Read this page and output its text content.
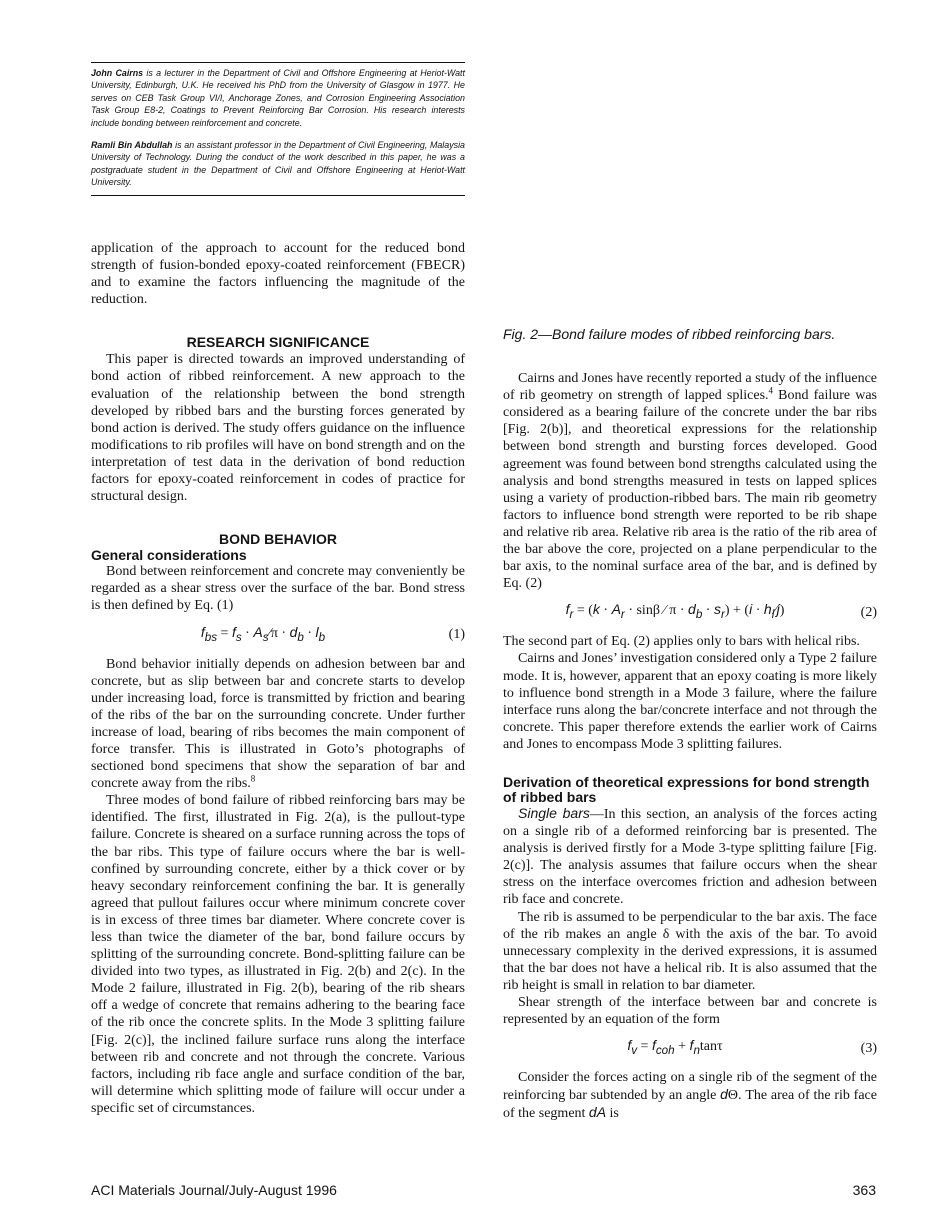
John Cairns is a lecturer in the Department of Civil and Offshore Engineering at Heriot-Watt University, Edinburgh, U.K. He received his PhD from the University of Glasgow in 1977. He serves on CEB Task Group VI/I, Anchorage Zones, and Corrosion Engineering Association Task Group E8-2, Coatings to Prevent Reinforcing Bar Corrosion. His research interests include bonding between reinforcement and concrete.

Ramli Bin Abdullah is an assistant professor in the Department of Civil Engineering, Malaysia University of Technology. During the conduct of the work described in this paper, he was a postgraduate student in the Department of Civil and Offshore Engineering at Heriot-Watt University.

application of the approach to account for the reduced bond strength of fusion-bonded epoxy-coated reinforcement (FBECR) and to examine the factors influencing the magnitude of the reduction.

RESEARCH SIGNIFICANCE

This paper is directed towards an improved understanding of bond action of ribbed reinforcement. A new approach to the evaluation of the relationship between the bond strength developed by ribbed bars and the bursting forces generated by bond action is derived. The study offers guidance on the influence modifications to rib profiles will have on bond strength and on the interpretation of test data in the derivation of bond reduction factors for epoxy-coated reinforcement in codes of practice for structural design.

BOND BEHAVIOR

General considerations

Bond between reinforcement and concrete may conveniently be regarded as a shear stress over the surface of the bar. Bond stress is then defined by Eq. (1)

$f_{bs} = f_s$ · $A_s⁄\pi \cdot d_b \cdot l_b$	(1)

Bond behavior initially depends on adhesion between bar and concrete, but as slip between bar and concrete starts to develop under increasing load, force is transmitted by friction and bearing of the ribs of the bar on the surrounding concrete. Under further increase of load, bearing of ribs becomes the main component of force transfer. This is illustrated in Goto’s photographs of sectioned bond specimens that show the separation of bar and concrete away from the ribs.$^8$

Three modes of bond failure of ribbed reinforcing bars may be identified. The first, illustrated in Fig. 2(a), is the pullout-type failure. Concrete is sheared on a surface running across the tops of the bar ribs. This type of failure occurs where the bar is well-confined by surrounding concrete, either by a thick cover or by heavy secondary reinforcement confining the bar. It is generally agreed that pullout failures occur where minimum concrete cover is in excess of three times bar diameter. Where concrete cover is less than twice the diameter of the bar, bond failure occurs by splitting of the surrounding concrete. Bond-splitting failure can be divided into two types, as illustrated in Fig. 2(b) and 2(c). In the Mode 2 failure, illustrated in Fig. 2(b), bearing of the rib shears off a wedge of concrete that remains adhering to the bearing face of the rib once the concrete splits. In the Mode 3 splitting failure [Fig. 2(c)], the inclined failure surface runs along the interface between rib and concrete and not through the concrete. Various factors, including rib face angle and surface condition of the bar, will determine which splitting mode of failure will occur under a specific set of circumstances.

Fig. 2—Bond failure modes of ribbed reinforcing bars.

Cairns and Jones have recently reported a study of the influence of rib geometry on strength of lapped splices.$^4$ Bond failure was considered as a bearing failure of the concrete under the bar ribs [Fig. 2(b)], and theoretical expressions for the relationship between bond strength and bursting forces developed. Good agreement was found between bond strengths calculated using the analysis and bond strengths measured in tests on lapped splices using a variety of production-ribbed bars. The main rib geometry factors to influence bond strength were reported to be rib shape and relative rib area. Relative rib area is the ratio of the rib area of the bar above the core, projected on a plane perpendicular to the bar axis, to the nominal surface area of the bar, and is defined by Eq. (2)

$f_r = (k \cdot A_r \cdot \sin\beta$ ⁄ $\pi \cdot d_b \cdot s_r) + (i$ · $h_l⁄j$)	(2)

The second part of Eq. (2) applies only to bars with helical ribs.

Cairns and Jones’ investigation considered only a Type 2 failure mode. It is, however, apparent that an epoxy coating is more likely to influence bond strength in a Mode 3 failure, where the failure interface runs along the bar/concrete interface and not through the concrete. This paper therefore extends the earlier work of Cairns and Jones to encompass Mode 3 splitting failures.

Derivation of theoretical expressions for bond strength of ribbed bars

Single bars—In this section, an analysis of the forces acting on a single rib of a deformed reinforcing bar is presented. The analysis is derived firstly for a Mode 3-type splitting failure [Fig. 2(c)]. The analysis assumes that failure occurs when the shear stress on the interface overcomes friction and adhesion between rib face and concrete.

The rib is assumed to be perpendicular to the bar axis. The face of the rib makes an angle δ with the axis of the bar. To avoid unnecessary complexity in the derived expressions, it is assumed that the bar does not have a helical rib. It is also assumed that the rib height is small in relation to bar diameter.

Shear strength of the interface between bar and concrete is represented by an equation of the form

$f_v = f_{coh} + f_n\tan\tau$	(3)

Consider the forces acting on a single rib of the segment of the reinforcing bar subtended by an angle dΘ. The area of the rib face of the segment dA is

ACI Materials Journal/July-August 1996	363
